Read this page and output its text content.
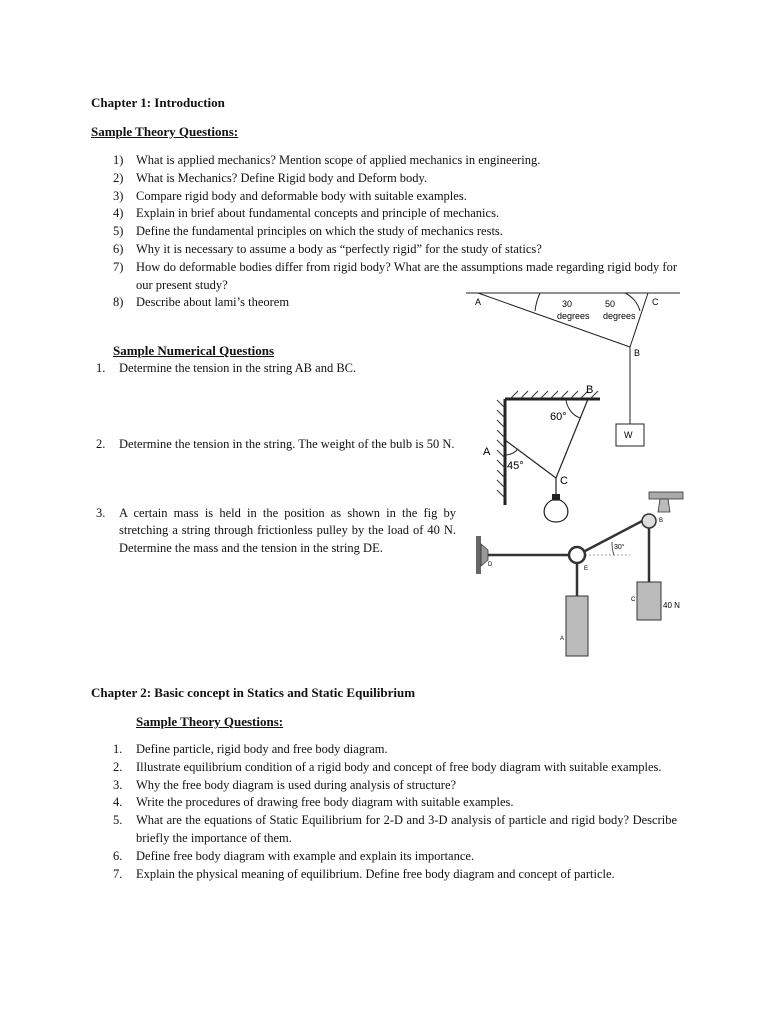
Chapter 1: Introduction
Sample Theory Questions:
1) What is applied mechanics? Mention scope of applied mechanics in engineering.
2) What is Mechanics? Define Rigid body and Deform body.
3) Compare rigid body and deformable body with suitable examples.
4) Explain in brief about fundamental concepts and principle of mechanics.
5) Define the fundamental principles on which the study of mechanics rests.
6) Why it is necessary to assume a body as “perfectly rigid” for the study of statics?
7) How do deformable bodies differ from rigid body? What are the assumptions made regarding rigid body for our present study?
8) Describe about lami’s theorem
Sample Numerical Questions
1. Determine the tension in the string AB and BC.
2. Determine the tension in the string. The weight of the bulb is 50 N.
3. A certain mass is held in the position as shown in the fig by stretching a string through frictionless pulley by the load of 40 N. Determine the mass and the tension in the string DE.
A	C
B
W
30
degrees
50
degrees
A
B
C
60°
45°
D
E
A
B
C
30°
40 N
Chapter 2: Basic concept in Statics and Static Equilibrium
Sample Theory Questions:
1. Define particle, rigid body and free body diagram.
2. Illustrate equilibrium condition of a rigid body and concept of free body diagram with suitable examples.
3. Why the free body diagram is used during analysis of structure?
4. Write the procedures of drawing free body diagram with suitable examples.
5. What are the equations of Static Equilibrium for 2-D and 3-D analysis of particle and rigid body? Describe briefly the importance of them.
6. Define free body diagram with example and explain its importance.
7. Explain the physical meaning of equilibrium. Define free body diagram and concept of particle.
